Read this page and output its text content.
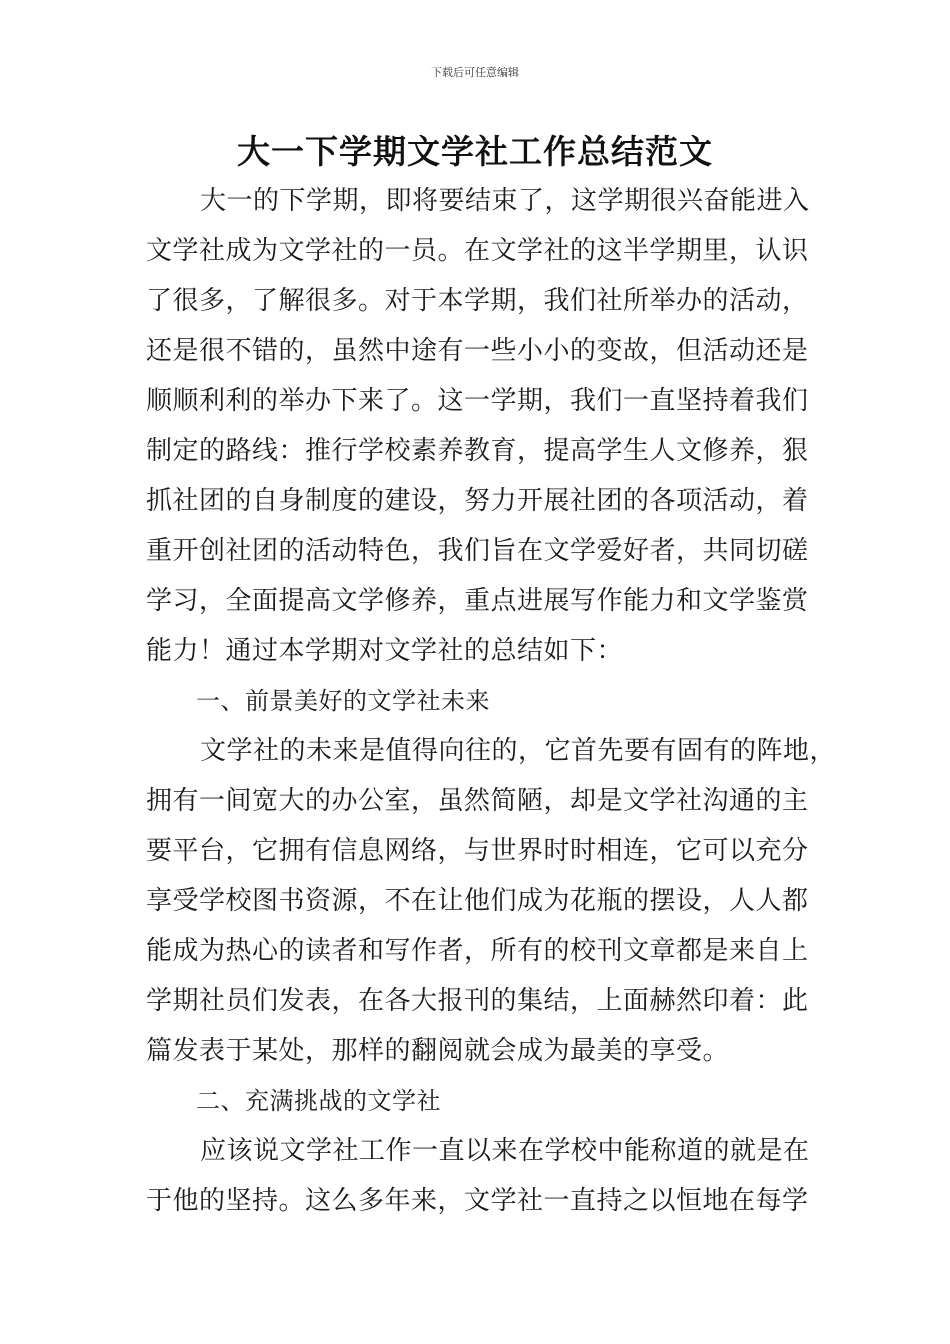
下载后可任意编辑
大一下学期文学社工作总结范文
大一的下学期，即将要结束了，这学期很兴奋能进入
文学社成为文学社的一员。在文学社的这半学期里，认识
了很多，了解很多。对于本学期，我们社所举办的活动，
还是很不错的，虽然中途有一些小小的变故，但活动还是
顺顺利利的举办下来了。这一学期，我们一直坚持着我们
制定的路线：推行学校素养教育，提高学生人文修养，狠
抓社团的自身制度的建设，努力开展社团的各项活动，着
重开创社团的活动特色，我们旨在文学爱好者，共同切磋
学习，全面提高文学修养，重点进展写作能力和文学鉴赏
能力！通过本学期对文学社的总结如下：
一、前景美好的文学社未来
文学社的未来是值得向往的，它首先要有固有的阵地，
拥有一间宽大的办公室，虽然简陋，却是文学社沟通的主
要平台，它拥有信息网络，与世界时时相连，它可以充分
享受学校图书资源，不在让他们成为花瓶的摆设，人人都
能成为热心的读者和写作者，所有的校刊文章都是来自上
学期社员们发表，在各大报刊的集结，上面赫然印着：此
篇发表于某处，那样的翻阅就会成为最美的享受。
二、充满挑战的文学社
应该说文学社工作一直以来在学校中能称道的就是在
于他的坚持。这么多年来，文学社一直持之以恒地在每学
